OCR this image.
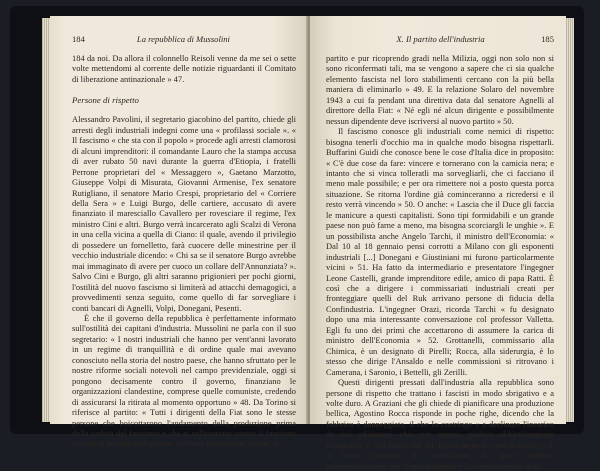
184	La repubblica di Mussolini

184 da noi. Da allora il colonnello Reisoli venne da me sei o sette volte mettendomi al corrente delle notizie riguardanti il Comitato di liberazione antinazionale » 47.

Persone di rispetto

Alessandro Pavolini, il segretario giacobino del partito, chiede gli arresti degli industriali indegni come una « profilassi sociale ». « Il fascismo « che sta con il popolo » procede agli arresti clamorosi di alcuni imprenditori: il comandante Lauro che la stampa accusa di aver rubato 50 navi durante la guerra d'Etiopia, i fratelli Perrone proprietari del « Messaggero », Gaetano Marzotto, Giuseppe Volpi di Misurata, Giovanni Armenise, l'ex senatore Rutigliano, il senatore Mario Crespi, proprietario del « Corriere della Sera » e Luigi Burgo, delle cartiere, accusato di avere finanziato il maresciallo Cavallero per rovesciare il regime, l'ex ministro Cini e altri. Burgo verrà incarcerato agli Scalzi di Verona in una cella vicina a quella di Ciano: il quale, avendo il privilegio di possedere un fornelletto, farà cuocere delle minestrine per il vecchio industriale dicendo: « Chi sa se il senatore Burgo avrebbe mai immaginato di avere per cuoco un collare dell'Annunziata? ». Salvo Cini e Burgo, gli altri saranno prigionieri per pochi giorni, l'ostilità del nuovo fascismo si limiterà ad attacchi demagogici, a provvedimenti senza seguito, come quello di far sorvegliare i conti bancari di Agnelli, Volpi, Donegani, Pesenti.

È che il governo della repubblica è perfettamente informato sull'ostilità dei capitani d'industria. Mussolini ne parla con il suo segretario: « I nostri industriali che hanno per vent'anni lavorato in un regime di tranquillità e di ordine quale mai avevano conosciuto nella storia del nostro paese, che hanno sfruttato per le nostre riforme sociali notevoli nel campo previdenziale, oggi si pongono decisamente contro il governo, finanziano le organizzazioni clandestine, comprese quelle comuniste, credendo di assicurarsi la ritirata al momento opportuno » 48. Da Torino si riferisce al partito: « Tutti i dirigenti della Fiat sono le stesse persone che boicottarono l'andamento della produzione prima della caduta del fascismo e che si sollevarono contro il fascismo durante il periodo badogliano. Sebbene fossero tutti iscritti al

X. Il partito dell'industria	185

partito e pur ricoprendo gradi nella Milizia, oggi non solo non si sono riconfermati tali, ma se vengono a sapere che ci sia qualche elemento fascista nel loro stabilimenti cercano con la più bella maniera di eliminarlo » 49. E la relazione Solaro del novembre 1943 a cui fa pendant una direttiva data dal senatore Agnelli al direttore della Fiat: « Né egli né alcun dirigente e possibilmente nessun dipendente deve iscriversi al nuovo partito » 50.

Il fascismo conosce gli industriali come nemici di rispetto: bisogna tenerli d'occhio ma in qualche modo bisogna rispettarli. Buffarini Guidi che conosce bene le cose d'Italia dice in proposito: « C'è due cose da fare: vincere e tornerano con la camicia nera; e intanto che si vinca tolleratli ma sorvegliarli, che ci facciano il meno male possibile; e per ora rimettere noi a posto questa porca situazione. Se ritorna l'ordine già cominceranno a ricredersi e il resto verrà vincendo » 50. O anche: « Lascia che il Duce gli faccia le manicure a questi capitalisti. Sono tipi formidabili e un grande paese non può farne a meno, ma bisogna scorciargli le unghie ». E un possibilista anche Angelo Tarchi, il ministro dell'Economia: « Dal 10 al 18 gennaio pensi corrotti a Milano con gli esponenti industriali [...] Donegani e Giustiniani mi furono particolarmente vicini » 51. Ha fatto da intermediario e presentatore l'ingegner Leone Castelli, grande imprenditore edile, amico di papa Ratti. È così che a dirigere i commissariati industriali creati per fronteggiare quelli del Ruk arrivano persone di fiducia della Confindustria. L'ingegner Orazi, ricorda Tarchi « fu designato dopo una mia interessante conversazione col professor Valletta. Egli fu uno dei primi che accettarono di assumere la carica di ministro dell'Economia » 52. Grottanelli, commissario alla Chimica, è un designato di Pirelli; Rocca, alla siderurgia, è lo stesso che dirige l'Ansaldo e nelle commissioni si ritrovano i Camerana, i Saronio, i Bettelli, gli Zerilli.

Questi dirigenti pressati dall'industria alla repubblica sono persone di rispetto che trattano i fascisti in modo sbrigativo e a volte duro. A Graziani che gli chiede di pianificare una produzione bellica, Agostino Rocca risponde in poche righe, dicendo che la fabbrica è danneggiata, il che lo costringe « a declinare l'incarico da voi affidatomi che, per contro, giudico obbiettivamente inseguibile ». Nel marzo del '44, Rocca mette le carte in tavola: « È in corso avanzato di costituzione, da parte tedesca, un'organizzazione per l'inquadramento e il coordinamento della
